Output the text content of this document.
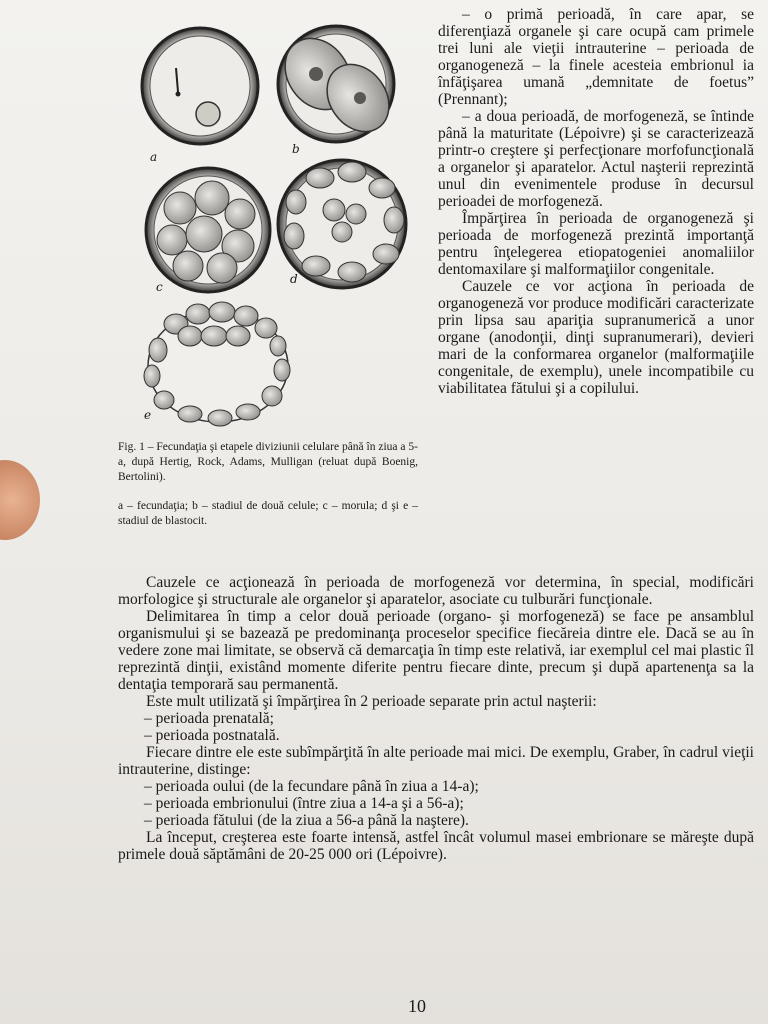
a
b
c
d
e

Fig. 1 – Fecundaţia şi etapele diviziunii celulare până în ziua a 5-a, după Hertig, Rock, Adams, Mulligan (reluat după Boenig, Bertolini).

a – fecundaţia; b – stadiul de două celule; c – morula; d şi e – stadiul de blastocit.

– o primă perioadă, în care apar, se diferenţiază organele şi care ocupă cam primele trei luni ale vieţii intrauterine – perioada de organogeneză – la finele acesteia embrionul ia înfăţişarea umană „demnitate de foetus” (Prennant);

– a doua perioadă, de morfogeneză, se întinde până la maturitate (Lépoivre) şi se caracterizează printr-o creştere şi perfecţionare morfofuncţională a organelor şi aparatelor. Actul naşterii reprezintă unul din evenimentele produse în decursul perioadei de morfogeneză.

Împărţirea în perioada de organogeneză şi perioada de morfogeneză prezintă importanţă pentru înţelegerea etiopatogeniei anomaliilor dentomaxilare şi malformaţiilor congenitale.

Cauzele ce vor acţiona în perioada de organogeneză vor produce modificări caracterizate prin lipsa sau apariţia supranumerică a unor organe (anodonţii, dinţi supranumerari), devieri mari de la conformarea organelor (malformaţiile congenitale, de exemplu), unele incompatibile cu viabilitatea fătului şi a copilului.

Cauzele ce acţionează în perioada de morfogeneză vor determina, în special, modificări morfologice şi structurale ale organelor şi aparatelor, asociate cu tulburări funcţionale.

Delimitarea în timp a celor două perioade (organo- şi morfogeneză) se face pe ansamblul organismului şi se bazează pe predominanţa proceselor specifice fiecăreia dintre ele. Dacă se au în vedere zone mai limitate, se observă că demarcaţia în timp este relativă, iar exemplul cel mai plastic îl reprezintă dinţii, existând momente diferite pentru fiecare dinte, precum şi după apartenenţa sa la dentaţia temporară sau permanentă.

Este mult utilizată şi împărţirea în 2 perioade separate prin actul naşterii:

– perioada prenatală;

– perioada postnatală.

Fiecare dintre ele este subîmpărţită în alte perioade mai mici. De exemplu, Graber, în cadrul vieţii intrauterine, distinge:

– perioada oului (de la fecundare până în ziua a 14-a);

– perioada embrionului (între ziua a 14-a şi a 56-a);

– perioada fătului (de la ziua a 56-a până la naştere).

La început, creşterea este foarte intensă, astfel încât volumul masei embrionare se măreşte după primele două săptămâni de 20-25 000 ori (Lépoivre).

10
